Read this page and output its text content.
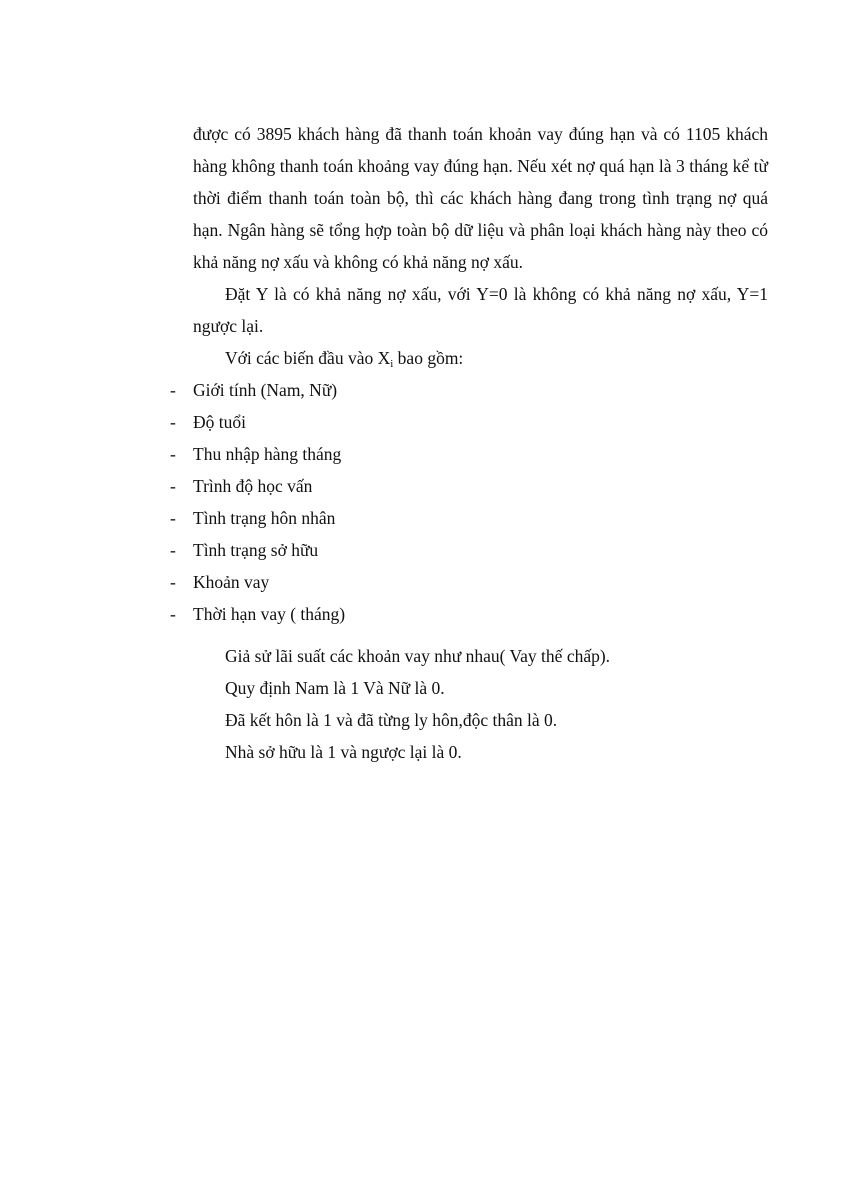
được có 3895 khách hàng đã thanh toán khoản vay đúng hạn và có 1105 khách hàng không thanh toán khoảng vay đúng hạn. Nếu xét nợ quá hạn là 3 tháng kể từ thời điểm thanh toán toàn bộ, thì các khách hàng đang trong tình trạng nợ quá hạn. Ngân hàng sẽ tổng hợp toàn bộ dữ liệu và phân loại khách hàng này theo có khả năng nợ xấu và không có khả năng nợ xấu.

Đặt Y là có khả năng nợ xấu, với Y=0 là không có khả năng nợ xấu, Y=1 ngược lại.

Với các biến đầu vào $X_i$ bao gồm:

- Giới tính (Nam, Nữ)
- Độ tuổi
- Thu nhập hàng tháng
- Trình độ học vấn
- Tình trạng hôn nhân
- Tình trạng sở hữu
- Khoản vay
- Thời hạn vay ( tháng)
Giả sử lãi suất các khoản vay như nhau( Vay thế chấp).
Quy định Nam là 1 Và Nữ là 0.
Đã kết hôn là 1 và đã từng ly hôn,độc thân là 0.
Nhà sở hữu là 1 và ngược lại là 0.
